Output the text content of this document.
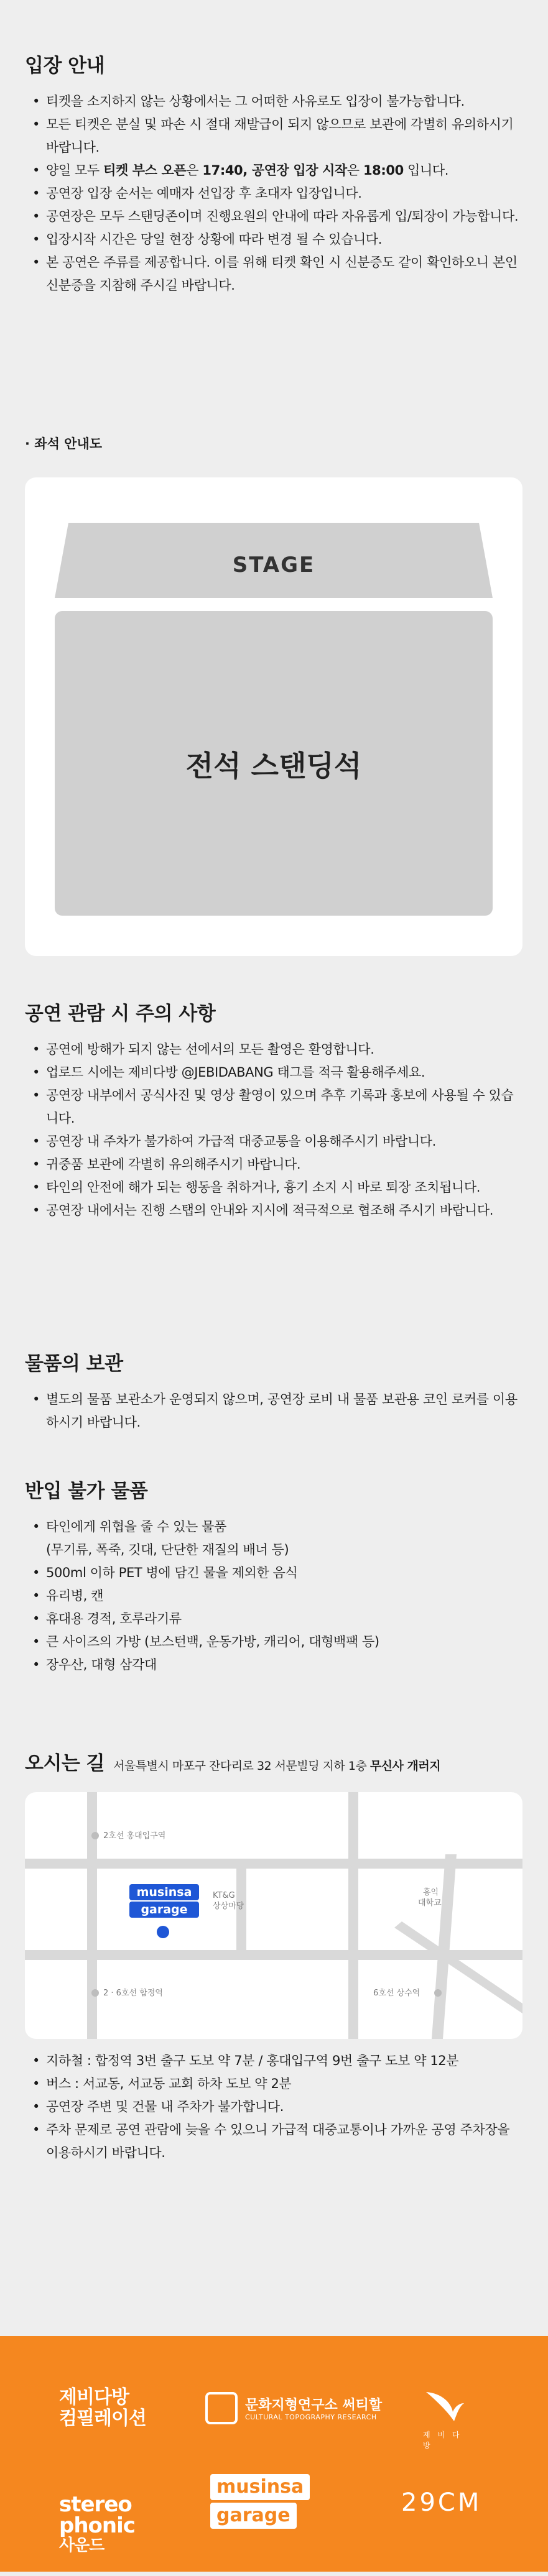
입장 안내
• 티켓을 소지하지 않는 상황에서는 그 어떠한 사유로도 입장이 불가능합니다.
• 모든 티켓은 분실 및 파손 시 절대 재발급이 되지 않으므로 보관에 각별히 유의하시기 바랍니다.
• 양일 모두 티켓 부스 오픈은 17:40, 공연장 입장 시작은 18:00 입니다.
• 공연장 입장 순서는 예매자 선입장 후 초대자 입장입니다.
• 공연장은 모두 스탠딩존이며 진행요원의 안내에 따라 자유롭게 입/퇴장이 가능합니다.
• 입장시작 시간은 당일 현장 상황에 따라 변경 될 수 있습니다.
• 본 공연은 주류를 제공합니다. 이를 위해 티켓 확인 시 신분증도 같이 확인하오니 본인 신분증을 지참해 주시길 바랍니다.
· 좌석 안내도
STAGE
전석 스탠딩석
공연 관람 시 주의 사항
• 공연에 방해가 되지 않는 선에서의 모든 촬영은 환영합니다.
• 업로드 시에는 제비다방 @JEBIDABANG 태그를 적극 활용해주세요.
• 공연장 내부에서 공식사진 및 영상 촬영이 있으며 추후 기록과 홍보에 사용될 수 있습니다.
• 공연장 내 주차가 불가하여 가급적 대중교통을 이용해주시기 바랍니다.
• 귀중품 보관에 각별히 유의해주시기 바랍니다.
• 타인의 안전에 해가 되는 행동을 취하거나, 흉기 소지 시 바로 퇴장 조치됩니다.
• 공연장 내에서는 진행 스탭의 안내와 지시에 적극적으로 협조해 주시기 바랍니다.
물품의 보관
• 별도의 물품 보관소가 운영되지 않으며, 공연장 로비 내 물품 보관용 코인 로커를 이용하시기 바랍니다.
반입 불가 물품
• 타인에게 위협을 줄 수 있는 물품
(무기류, 폭죽, 깃대, 단단한 재질의 배너 등)
• 500ml 이하 PET 병에 담긴 물을 제외한 음식
• 유리병, 캔
• 휴대용 경적, 호루라기류
• 큰 사이즈의 가방 (보스턴백, 운동가방, 캐리어, 대형백팩 등)
• 장우산, 대형 삼각대
오시는 길 서울특별시 마포구 잔다리로 32 서문빌딩 지하 1층 무신사 개러지
2호선 홍대입구역
홍익
대학교
KT&G
상상마당
2 · 6호선 합정역	6호선 상수역
musinsa
garage
• 지하철 : 합정역 3번 출구 도보 약 7분 / 홍대입구역 9번 출구 도보 약 12분
• 버스 : 서교동, 서교동 교회 하차 도보 약 2분
• 공연장 주변 및 건물 내 주차가 불가합니다.
• 주차 문제로 공연 관람에 늦을 수 있으니 가급적 대중교통이나 가까운 공영 주차장을 이용하시기 바랍니다.
제비다방
컴필레이션
문화지형연구소 써티할
CULTURAL TOPOGRAPHY RESEARCH
제 비 다 방

stereo
phonic

사운드

musinsa
garage	29CM
